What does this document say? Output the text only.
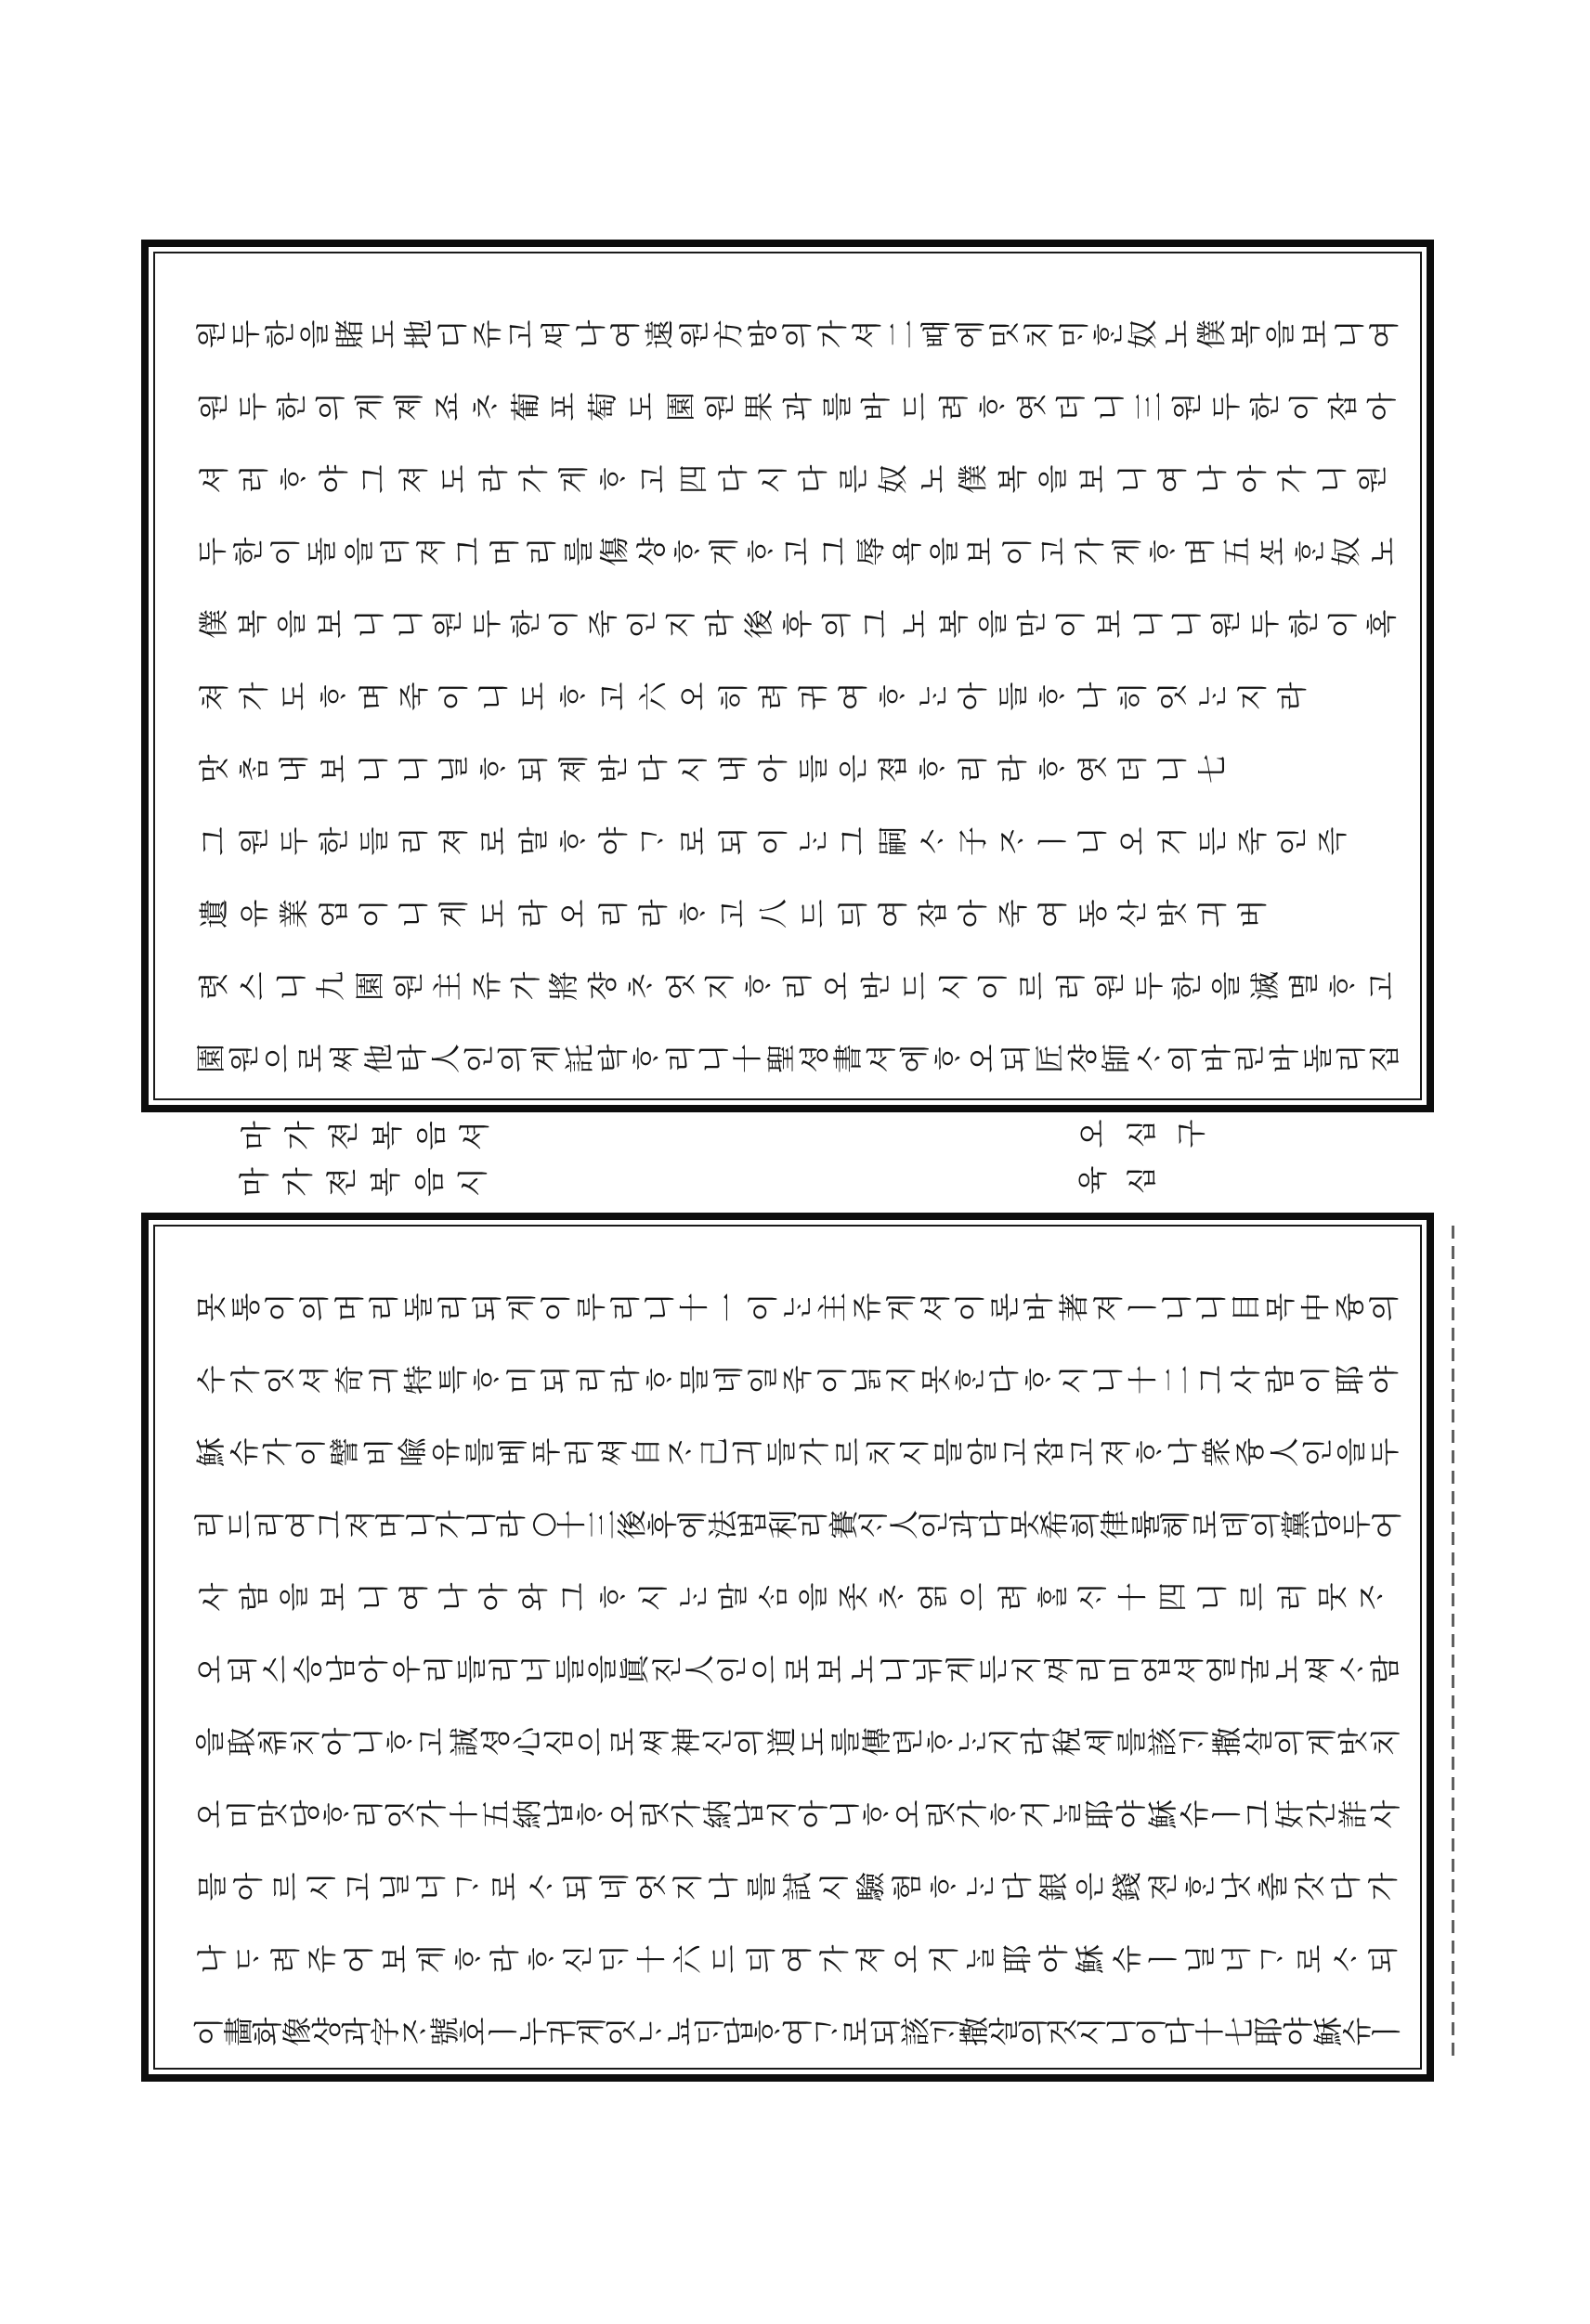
원 두 한 을 賭 도 地 디 쥬 고 ᄯᅥ 나 여 遠 원 方 방 의 가 셔 二 ᄠᅢ 에 밋 치 ᄆᆡ ᄒᆞᆫ 奴 노 僕 복 을 보 니 여
원 두 한 의 게 졔 죠 ᄎᆞ 葡 포 萄 도 園 원 果 과 를 바 드 려 ᄒᆞ 엿 더 니 三 원 두 한 이 잡 아
셔 러 ᄒᆞ 야 그 져 도 라 가 게 ᄒᆞ 고 四 다 시 다 른 奴 노 僕 복 을 보 니 여 나 아 가 니 원
두 한 이 돌 을 더 져 그 머 리 를 傷 샹 ᄒᆞ 게 ᄒᆞ 고 그 辱 욕 을 보 이 고 가 게 ᄒᆞ 며 五 ᄯᅩ ᄒᆞᆫ 奴 노
僕 복 을 보 니 니 원 두 한 이 죽 인 지 라 後 후 의 그 노 복 을 만 이 보 니 니 원 두 한 이 혹
쳐 가 도 ᄒᆞ 며 죽 이 니 도 ᄒᆞ 고 六 오 히 려 귀 여 ᄒᆞ ᄂᆞᆫ 아 들 ᄒᆞ 나 히 잇 ᄂᆞᆫ 지 라
맛 ᄎᆞᆷ 내 보 니 니 닐 ᄒᆞ 되 졔 반 다 시 내 아 들 은 졉 ᄒᆞ 리 라 ᄒᆞ 엿 더 니 七
그 원 두 한 들 리 져 로 말 ᄒᆞ 야 ᄀᆞ 로 되 이 ᄂᆞᆫ 그 嗣 ᄉᆞ 子 ᄌᆞ ㅣ 니 오 거 든 죽 인 즉
遺 유 業 업 이 니 게 도 라 오 리 라 ᄒᆞ 고 八 드 듸 여 잡 아 죽 여 동 산 밧 긔 버
렷 스 니 九 園 원 主 쥬 가 將 쟝 ᄎᆞ 엇 지 ᄒᆞ 리 오 반 드 시 이 르 러 원 두 한 을 滅 멸 ᄒᆞ 고
園
원
으
로
쎠
他
타
人
인
의
게
託
탁
ᄒᆞ
리
니
十
聖
셩
書
셔
에
ᄒᆞ
오
되
匠
쟝
師
ᄉᆞ
의
바
린
바
돌
리
집
마 가 젼 복 음 셔
마 가 젼 복 음 시
오 십 구
육 십
못 통 이 의 머 리 돌 리 되 게 이 루 리 니 十 一 이 ᄂᆞᆫ 主 쥬 게 셔 이 론 바 著 져 ㅣ 니 니 目 목 中 즁 의
수 가 잇 셔 奇 긔 特 특 ᄒᆞ 미 되 리 라 ᄒᆞ 믈 네 일 죽 이 닑 지 못 ᄒᆞᆫ 다 ᄒᆞ 시 니 十 二 그 사 람 이 耶 야
穌
슈
가
이
譬
비
喩
유
를
베
푸
러
쎠
自
ᄌᆞ
己
긔
들
가
르
치
시
믈
알
고
잡
고
져
ᄒᆞ
나
衆
즁
人
인
을
두
리
드
리
여
그
져
머
니
가
니
라
○
十
三
後
후
에
法
법
利
리
賽
ᄉᆡ
人
인
과
다
못
希
희
律
률
헤
로
데
의
黨
당
두
어
사 람 을 보 니 여 나 아 와 그 ᄒᆞ 시 ᄂᆞᆫ 말 ᄉᆞᆷ 을 좃 ᄎᆞ 얽 으 려 ᄒᆞᆯ ᄉᆡ 十 四 니 르 러 뭇 ᄌᆞ
오
되
스
승
남
아
우
리
들
리
너
들
을
眞
진
人
인
으
로
보
노
니
뉘
게
든
지
ᄭᅧ
리
미
업
셔
얼
굴
노
쎠
ᄉᆞ
람
을
取
ᄎᆔ
치
아
니
ᄒᆞ
고
誠
셩
心
심
으
로
쎠
神
신
의
道
도
를
傳
뎐
ᄒᆞ
ᄂᆞᆫ
지
라
稅
셰
를
該
ᄀᆡ
撒
살
의
게
밧
치
오
미
맛
당
ᄒᆞ
리
잇
가
十
五
納
납
ᄒᆞ
오
릿
가
納
납
지
아
니
ᄒᆞ
오
릿
가
ᄒᆞ
거
ᄂᆞᆯ
耶
야
穌
슈
ㅣ
그
奸
간
詐
사
믈 아 르 시 고 닐 너 ᄀᆞ 로 ᄉᆞ 되 네 엇 지 나 를 試 시 驗 험 ᄒᆞ ᄂᆞᆫ 다 銀 은 錢 젼 ᄒᆞᆫ 낫 출 갓 다 가
나 ᄃᆞ 려 쥬 어 보 게 ᄒᆞ 라 ᄒᆞ 신 ᄃᆡ 十 六 드 듸 여 가 져 오 거 ᄂᆞᆯ 耶 야 穌 슈 ㅣ 닐 너 ᄀᆞ 로 ᄉᆞ 되
이
畵
화
像
샹
과
字
ᄌᆞ
號
호
ㅣ
누
귀
게
잇
ᄂᆞ
뇨
ᄃᆡ
답
ᄒᆞ
여
ᄀᆞ
로
되
該
ᄀᆡ
撒
살
의
것
시
니
이
다
十
七
耶
야
穌
슈
ㅣ
